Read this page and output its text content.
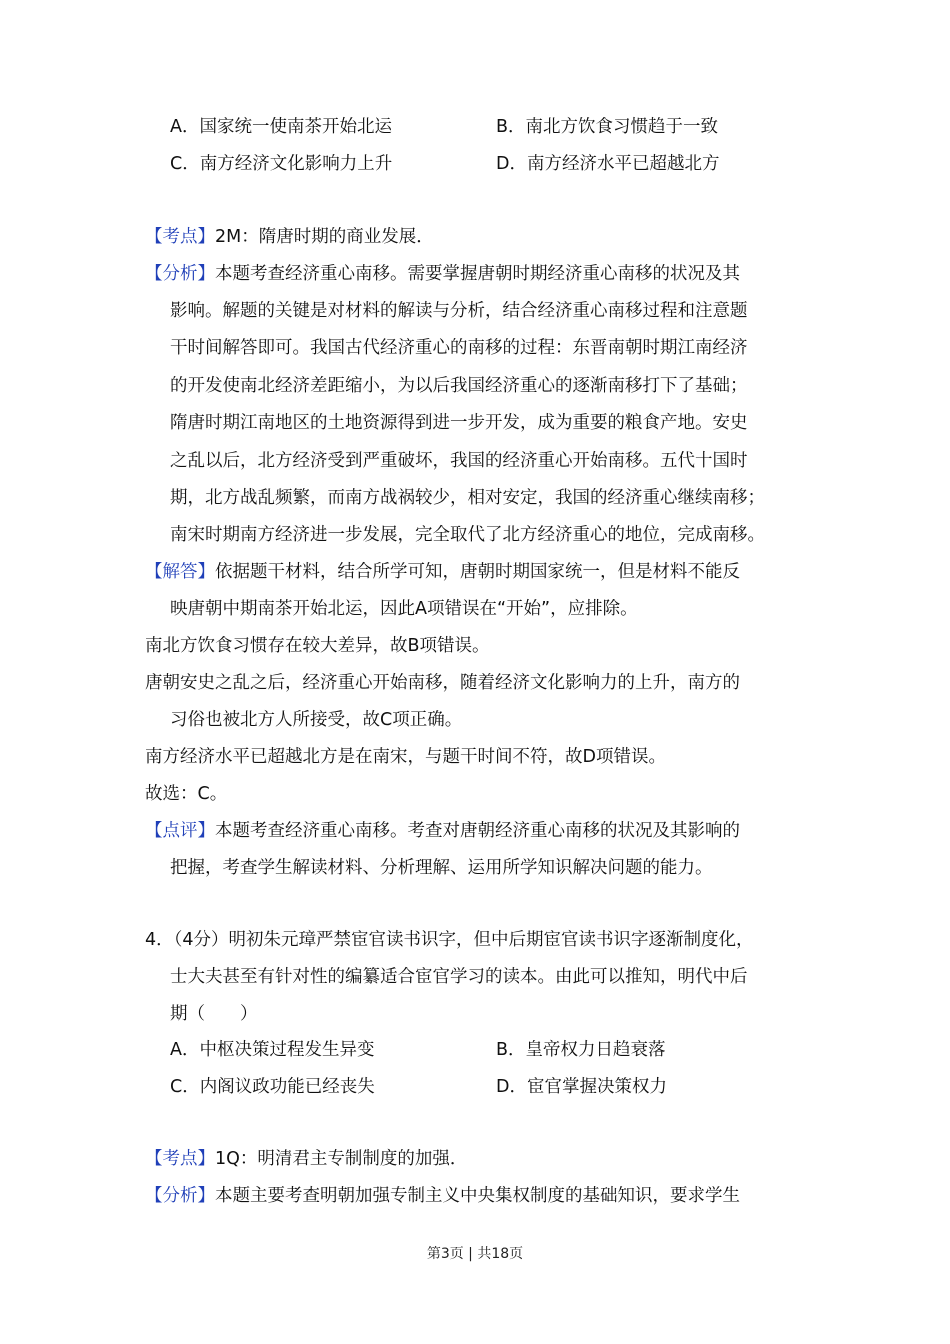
A．国家统一使南茶开始北运	B．南北方饮食习惯趋于一致
C．南方经济文化影响力上升	D．南方经济水平已超越北方
【考点】2M：隋唐时期的商业发展．
【分析】本题考查经济重心南移。需要掌握唐朝时期经济重心南移的状况及其
影响。解题的关键是对材料的解读与分析，结合经济重心南移过程和注意题
干时间解答即可。我国古代经济重心的南移的过程：东晋南朝时期江南经济
的开发使南北经济差距缩小，为以后我国经济重心的逐渐南移打下了基础；
隋唐时期江南地区的土地资源得到进一步开发，成为重要的粮食产地。安史
之乱以后，北方经济受到严重破坏，我国的经济重心开始南移。五代十国时
期，北方战乱频繁，而南方战祸较少，相对安定，我国的经济重心继续南移；
南宋时期南方经济进一步发展，完全取代了北方经济重心的地位，完成南移。
【解答】依据题干材料，结合所学可知，唐朝时期国家统一，但是材料不能反
映唐朝中期南茶开始北运，因此A项错误在“开始”，应排除。
南北方饮食习惯存在较大差异，故B项错误。
唐朝安史之乱之后，经济重心开始南移，随着经济文化影响力的上升，南方的
习俗也被北方人所接受，故C项正确。
南方经济水平已超越北方是在南宋，与题干时间不符，故D项错误。
故选：C。
【点评】本题考查经济重心南移。考查对唐朝经济重心南移的状况及其影响的
把握，考查学生解读材料、分析理解、运用所学知识解决问题的能力。
4．（4分）明初朱元璋严禁宦官读书识字，但中后期宦官读书识字逐渐制度化，
士大夫甚至有针对性的编纂适合宦官学习的读本。由此可以推知，明代中后
期（　　）
A．中枢决策过程发生异变	B．皇帝权力日趋衰落
C．内阁议政功能已经丧失	D．宦官掌握决策权力
【考点】1Q：明清君主专制制度的加强．
【分析】本题主要考查明朝加强专制主义中央集权制度的基础知识，要求学生
第3页 | 共18页
